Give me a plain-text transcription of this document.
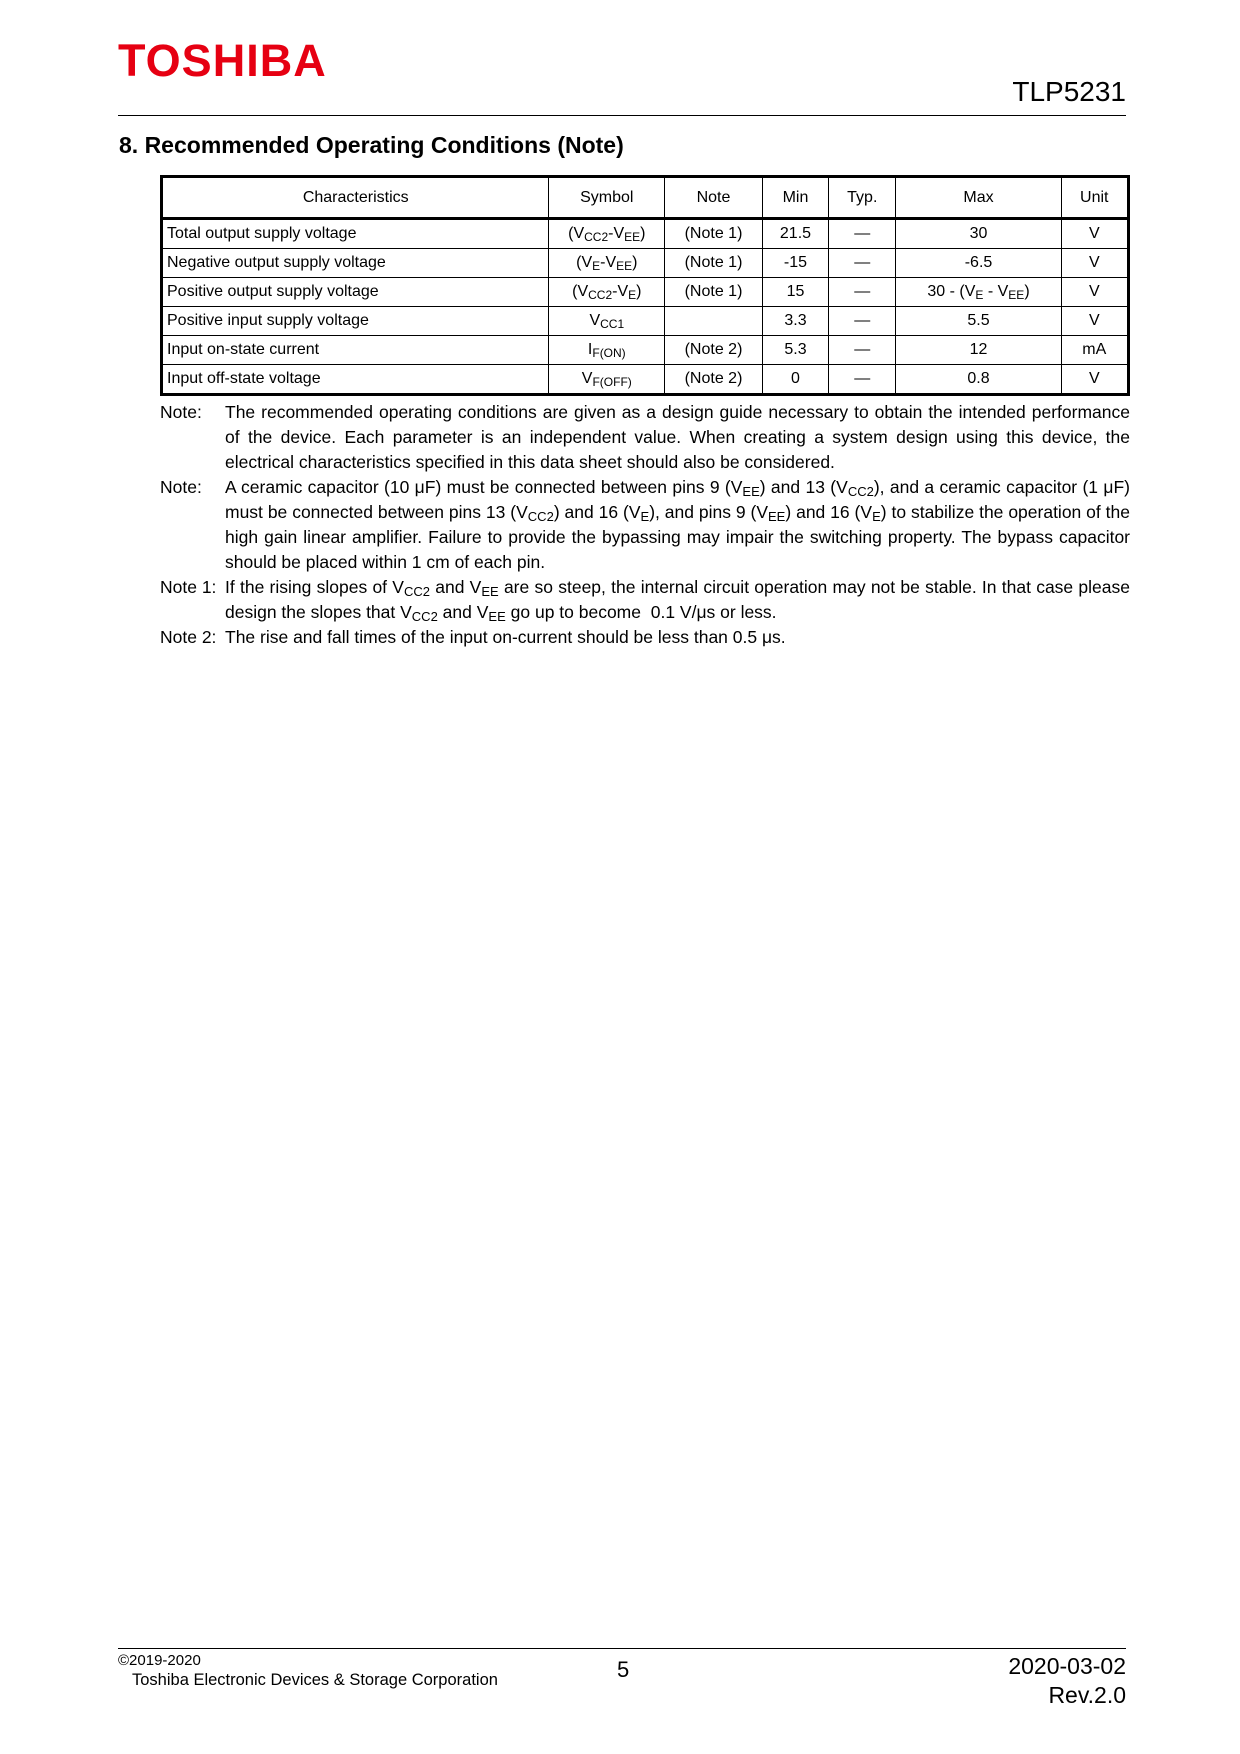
TOSHIBA
TLP5231
8. Recommended Operating Conditions (Note)
Characteristics	Symbol	Note	Min	Typ.	Max	Unit
Total output supply voltage	$(V_{CC2}-V_{EE})$	(Note 1)	21.5	—	30	V
Negative output supply voltage	$(V_E-V_{EE})$	(Note 1)	-15	—	-6.5	V
Positive output supply voltage	$(V_{CC2}-V_E)$	(Note 1)	15	—	$30 - (V_E - V_{EE})$	V
Positive input supply voltage	$V_{CC1}$		3.3	—	5.5	V
Input on-state current	$I_{F(ON)}$	(Note 2)	5.3	—	12	mA
Input off-state voltage	$V_{F(OFF)}$	(Note 2)	0	—	0.8	V
Note:	The recommended operating conditions are given as a design guide necessary to obtain the intended performance of the device. Each parameter is an independent value. When creating a system design using this device, the electrical characteristics specified in this data sheet should also be considered.
Note:	A ceramic capacitor (10 μF) must be connected between pins 9 $(V_{EE})$ and 13 $(V_{CC2})$, and a ceramic capacitor (1 μF) must be connected between pins 13 $(V_{CC2})$ and 16 $(V_E)$, and pins 9 $(V_{EE})$ and 16 $(V_E)$ to stabilize the operation of the high gain linear amplifier. Failure to provide the bypassing may impair the switching property. The bypass capacitor should be placed within 1 cm of each pin.
Note 1: If the rising slopes of $V_{CC2}$ and $V_{EE}$ are so steep, the internal circuit operation may not be stable. In that case please design the slopes that $V_{CC2}$ and $V_{EE}$ go up to become  0.1 V/μs or less.
Note 2: The rise and fall times of the input on-current should be less than 0.5 μs.
©2019-2020
Toshiba Electronic Devices & Storage Corporation	5	2020-03-02
Rev.2.0
